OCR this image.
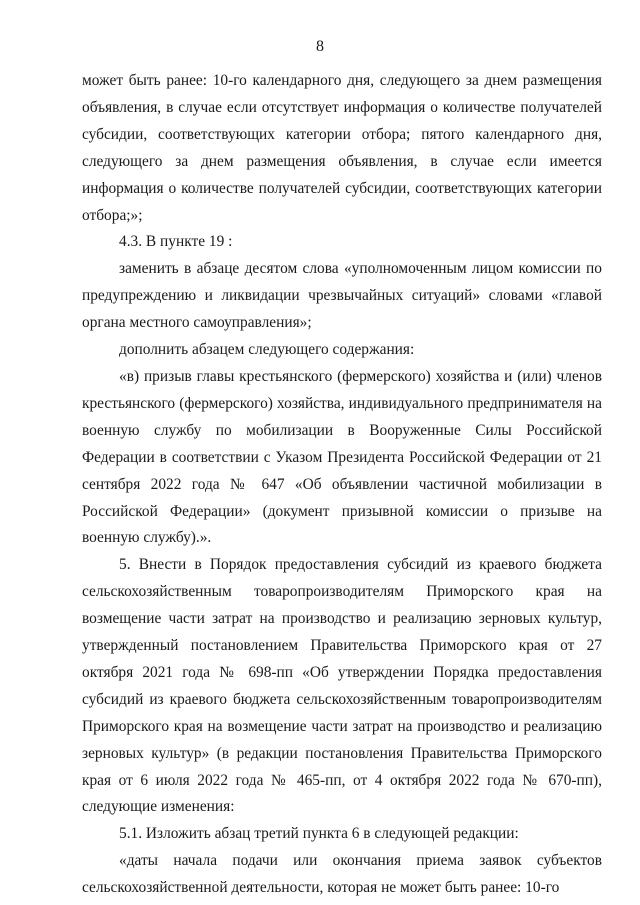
8

может быть ранее: 10-го календарного дня, следующего за днем размещения объявления, в случае если отсутствует информация о количестве получателей субсидии, соответствующих категории отбора; пятого календарного дня, следующего за днем размещения объявления, в случае если имеется информация о количестве получателей субсидии, соответствующих категории отбора;»;

4.3. В пункте 19 :

заменить в абзаце десятом слова «уполномоченным лицом комиссии по предупреждению и ликвидации чрезвычайных ситуаций» словами «главой органа местного самоуправления»;

дополнить абзацем следующего содержания:

«в) призыв главы крестьянского (фермерского) хозяйства и (или) членов крестьянского (фермерского) хозяйства, индивидуального предпринимателя на военную службу по мобилизации в Вооруженные Силы Российской Федерации в соответствии с Указом Президента Российской Федерации от 21 сентября 2022 года № 647 «Об объявлении частичной мобилизации в Российской Федерации» (документ призывной комиссии о призыве на военную службу).».

5. Внести в Порядок предоставления субсидий из краевого бюджета сельскохозяйственным товаропроизводителям Приморского края на возмещение части затрат на производство и реализацию зерновых культур, утвержденный постановлением Правительства Приморского края от 27 октября 2021 года № 698-пп «Об утверждении Порядка предоставления субсидий из краевого бюджета сельскохозяйственным товаропроизводителям Приморского края на возмещение части затрат на производство и реализацию зерновых культур» (в редакции постановления Правительства Приморского края от 6 июля 2022 года № 465-пп, от 4 октября 2022 года № 670-пп), следующие изменения:

5.1. Изложить абзац третий пункта 6 в следующей редакции:

«даты начала подачи или окончания приема заявок субъектов сельскохозяйственной деятельности, которая не может быть ранее: 10-го
